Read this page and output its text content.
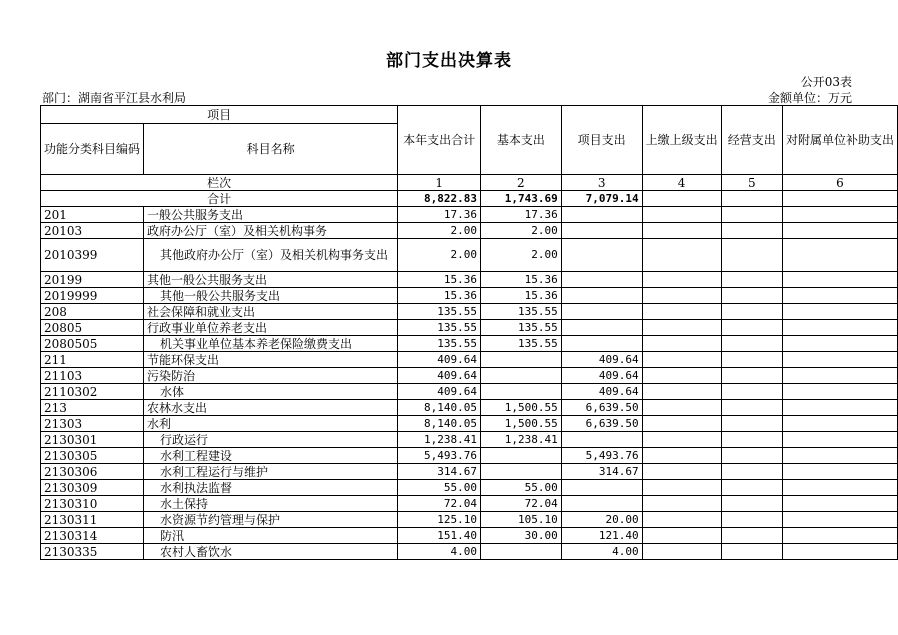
部门支出决算表
公开03表
部门：湖南省平江县水利局	金额单位：万元
项目		本年支出合计	基本支出	项目支出	上缴上级支出	经营支出	对附属单位补助支出
功能分类科目编码	科目名称						
栏次		1	2	3	4	5	6
合计		8,822.83	1,743.69	7,079.14			
201	一般公共服务支出	17.36	17.36				
20103	政府办公厅（室）及相关机构事务	2.00	2.00				
2010399	其他政府办公厅（室）及相关机构事务支出	2.00	2.00				
20199	其他一般公共服务支出	15.36	15.36				
2019999	其他一般公共服务支出	15.36	15.36				
208	社会保障和就业支出	135.55	135.55				
20805	行政事业单位养老支出	135.55	135.55				
2080505	机关事业单位基本养老保险缴费支出	135.55	135.55				
211	节能环保支出	409.64		409.64			
21103	污染防治	409.64		409.64			
2110302	水体	409.64		409.64			
213	农林水支出	8,140.05	1,500.55	6,639.50			
21303	水利	8,140.05	1,500.55	6,639.50			
2130301	行政运行	1,238.41	1,238.41				
2130305	水利工程建设	5,493.76		5,493.76			
2130306	水利工程运行与维护	314.67		314.67			
2130309	水利执法监督	55.00	55.00				
2130310	水土保持	72.04	72.04				
2130311	水资源节约管理与保护	125.10	105.10	20.00			
2130314	防汛	151.40	30.00	121.40			
2130335	农村人畜饮水	4.00		4.00			
